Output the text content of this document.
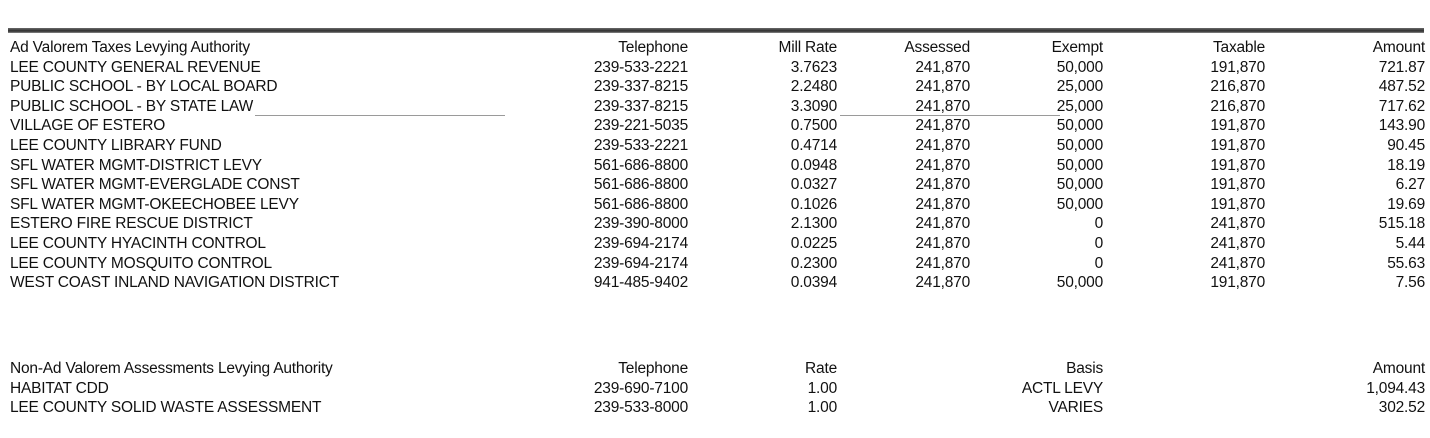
Ad Valorem Taxes Levying Authority	Telephone	Mill Rate	Assessed	Exempt	Taxable	Amount
LEE COUNTY GENERAL REVENUE	239-533-2221	3.7623	241,870	50,000	191,870	721.87
PUBLIC SCHOOL - BY LOCAL BOARD	239-337-8215	2.2480	241,870	25,000	216,870	487.52
PUBLIC SCHOOL - BY STATE LAW	239-337-8215	3.3090	241,870	25,000	216,870	717.62
VILLAGE OF ESTERO	239-221-5035	0.7500	241,870	50,000	191,870	143.90
LEE COUNTY LIBRARY FUND	239-533-2221	0.4714	241,870	50,000	191,870	90.45
SFL WATER MGMT-DISTRICT LEVY	561-686-8800	0.0948	241,870	50,000	191,870	18.19
SFL WATER MGMT-EVERGLADE CONST	561-686-8800	0.0327	241,870	50,000	191,870	6.27
SFL WATER MGMT-OKEECHOBEE LEVY	561-686-8800	0.1026	241,870	50,000	191,870	19.69
ESTERO FIRE RESCUE DISTRICT	239-390-8000	2.1300	241,870	0	241,870	515.18
LEE COUNTY HYACINTH CONTROL	239-694-2174	0.0225	241,870	0	241,870	5.44
LEE COUNTY MOSQUITO CONTROL	239-694-2174	0.2300	241,870	0	241,870	55.63
WEST COAST INLAND NAVIGATION DISTRICT	941-485-9402	0.0394	241,870	50,000	191,870	7.56
Non-Ad Valorem Assessments Levying Authority	Telephone	Rate	Basis	Amount
HABITAT CDD	239-690-7100	1.00	ACTL LEVY	1,094.43
LEE COUNTY SOLID WASTE ASSESSMENT	239-533-8000	1.00	VARIES	302.52
